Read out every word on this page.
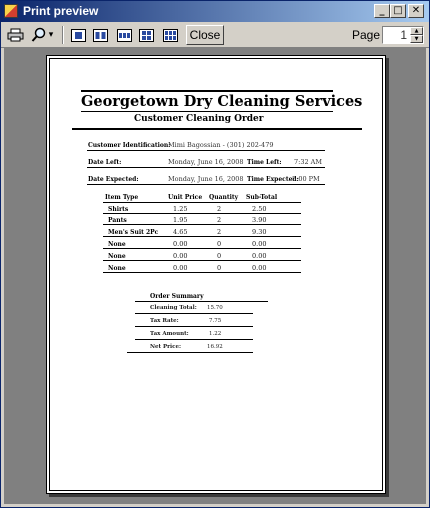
Print preview	_ □ ✕
▾	Close	Page 1	▲
▼
Georgetown Dry Cleaning Services
Customer Cleaning Order
Customer Identification:
Mimi Bagossian - (301) 202-479
Date Left:	Monday, June 16, 2008 Time Left: 7:32 AM
Date Expected:	Monday, June 16, 2008 Time Expected:
5:00 PM
Item Type	Unit Price Quantity Sub-Total
Shirts	1.25	2	2.50
Pants	1.95	2	3.90
Men's Suit 2Pc 4.65	2	9.30
None	0.00	0	0.00
None	0.00	0	0.00
None	0.00	0	0.00
Order Summary
Cleaning Total: 15.70
Tax Rate:	7.75
Tax Amount:	1.22
Net Price:	16.92
